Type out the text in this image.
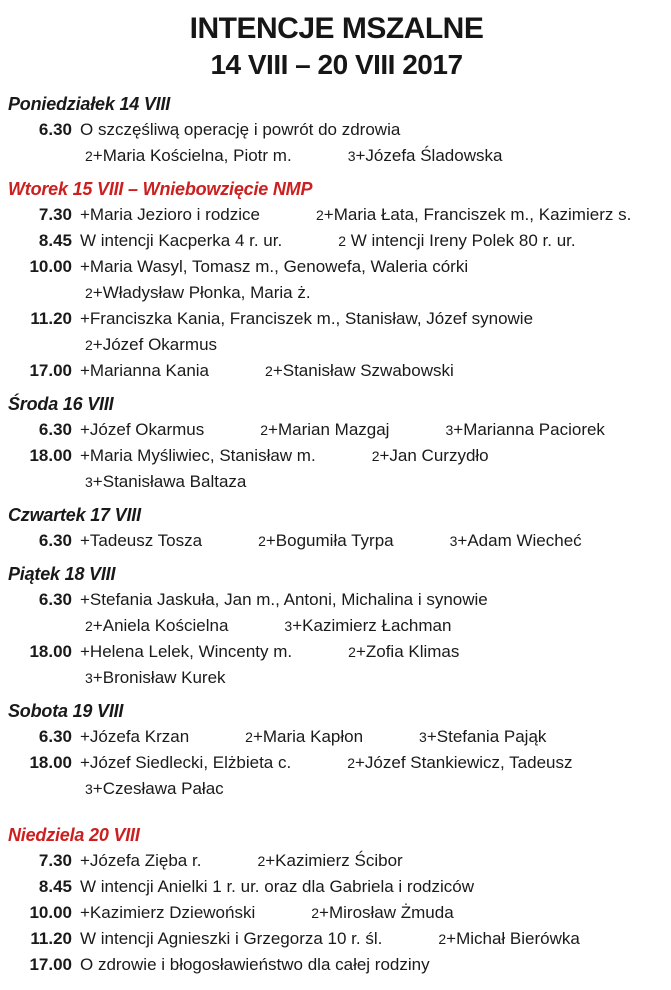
INTENCJE MSZALNE
14 VIII – 20 VIII 2017
Poniedziałek 14 VIII
6.30 O szczęśliwą operację i powrót do zdrowia
2+Maria Kościelna, Piotr m.	3+Józefa Śladowska
Wtorek 15 VIII – Wniebowzięcie NMP
7.30 +Maria Jezioro i rodzice	2+Maria Łata, Franciszek m., Kazimierz s.
8.45 W intencji Kacperka 4 r. ur.	2 W intencji Ireny Polek 80 r. ur.
10.00 +Maria Wasyl, Tomasz m., Genowefa, Waleria córki
2+Władysław Płonka, Maria ż.
11.20 +Franciszka Kania, Franciszek m., Stanisław, Józef synowie
2+Józef Okarmus
17.00 +Marianna Kania	2+Stanisław Szwabowski
Środa 16 VIII
6.30 +Józef Okarmus	2+Marian Mazgaj	3+Marianna Paciorek
18.00 +Maria Myśliwiec, Stanisław m.	2+Jan Curzydło
3+Stanisława Baltaza
Czwartek 17 VIII
6.30 +Tadeusz Tosza	2+Bogumiła Tyrpa	3+Adam Wiecheć
Piątek 18 VIII
6.30 +Stefania Jaskuła, Jan m., Antoni, Michalina i synowie
2+Aniela Kościelna	3+Kazimierz Łachman
18.00 +Helena Lelek, Wincenty m.	2+Zofia Klimas
3+Bronisław Kurek
Sobota 19 VIII
6.30 +Józefa Krzan	2+Maria Kapłon	3+Stefania Pająk
18.00 +Józef Siedlecki, Elżbieta c.	2+Józef Stankiewicz, Tadeusz
3+Czesława Pałac
Niedziela 20 VIII
7.30 +Józefa Zięba r.	2+Kazimierz Ścibor
8.45 W intencji Anielki 1 r. ur. oraz dla Gabriela i rodziców
10.00 +Kazimierz Dziewoński	2+Mirosław Żmuda
11.20 W intencji Agnieszki i Grzegorza 10 r. śl.	2+Michał Bierówka
17.00 O zdrowie i błogosławieństwo dla całej rodziny
